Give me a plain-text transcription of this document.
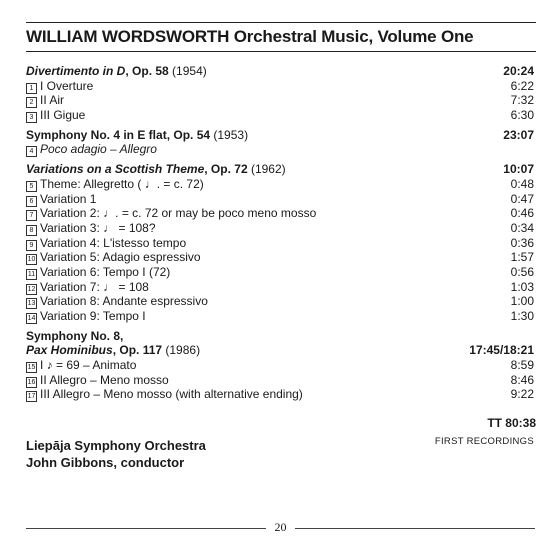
WILLIAM WORDSWORTH Orchestral Music, Volume One
Divertimento in D, Op. 58 (1954)	20:24
1 I Overture	6:22
2 II Air	7:32
3 III Gigue	6:30
Symphony No. 4 in E flat, Op. 54 (1953)	23:07
4 Poco adagio – Allegro
Variations on a Scottish Theme, Op. 72 (1962)	10:07
5 Theme: Allegretto ( ♩. = c. 72)	0:48
6 Variation 1	0:47
7 Variation 2: ♩. = c. 72 or may be poco meno mosso	0:46
8 Variation 3: ♩ = 108?	0:34
9 Variation 4: L'istesso tempo	0:36
10 Variation 5: Adagio espressivo	1:57
11 Variation 6: Tempo I (72)	0:56
12 Variation 7: ♩ = 108	1:03
13 Variation 8: Andante espressivo	1:00
14 Variation 9: Tempo I	1:30
Symphony No. 8,
Pax Hominibus, Op. 117 (1986)	17:45/18:21
15 I ♪ = 69 – Animato	8:59
16 II Allegro – Meno mosso	8:46
17 III Allegro – Meno mosso (with alternative ending)	9:22
TT 80:38
Liepāja Symphony Orchestra
John Gibbons, conductor
FIRST RECORDINGS
20
